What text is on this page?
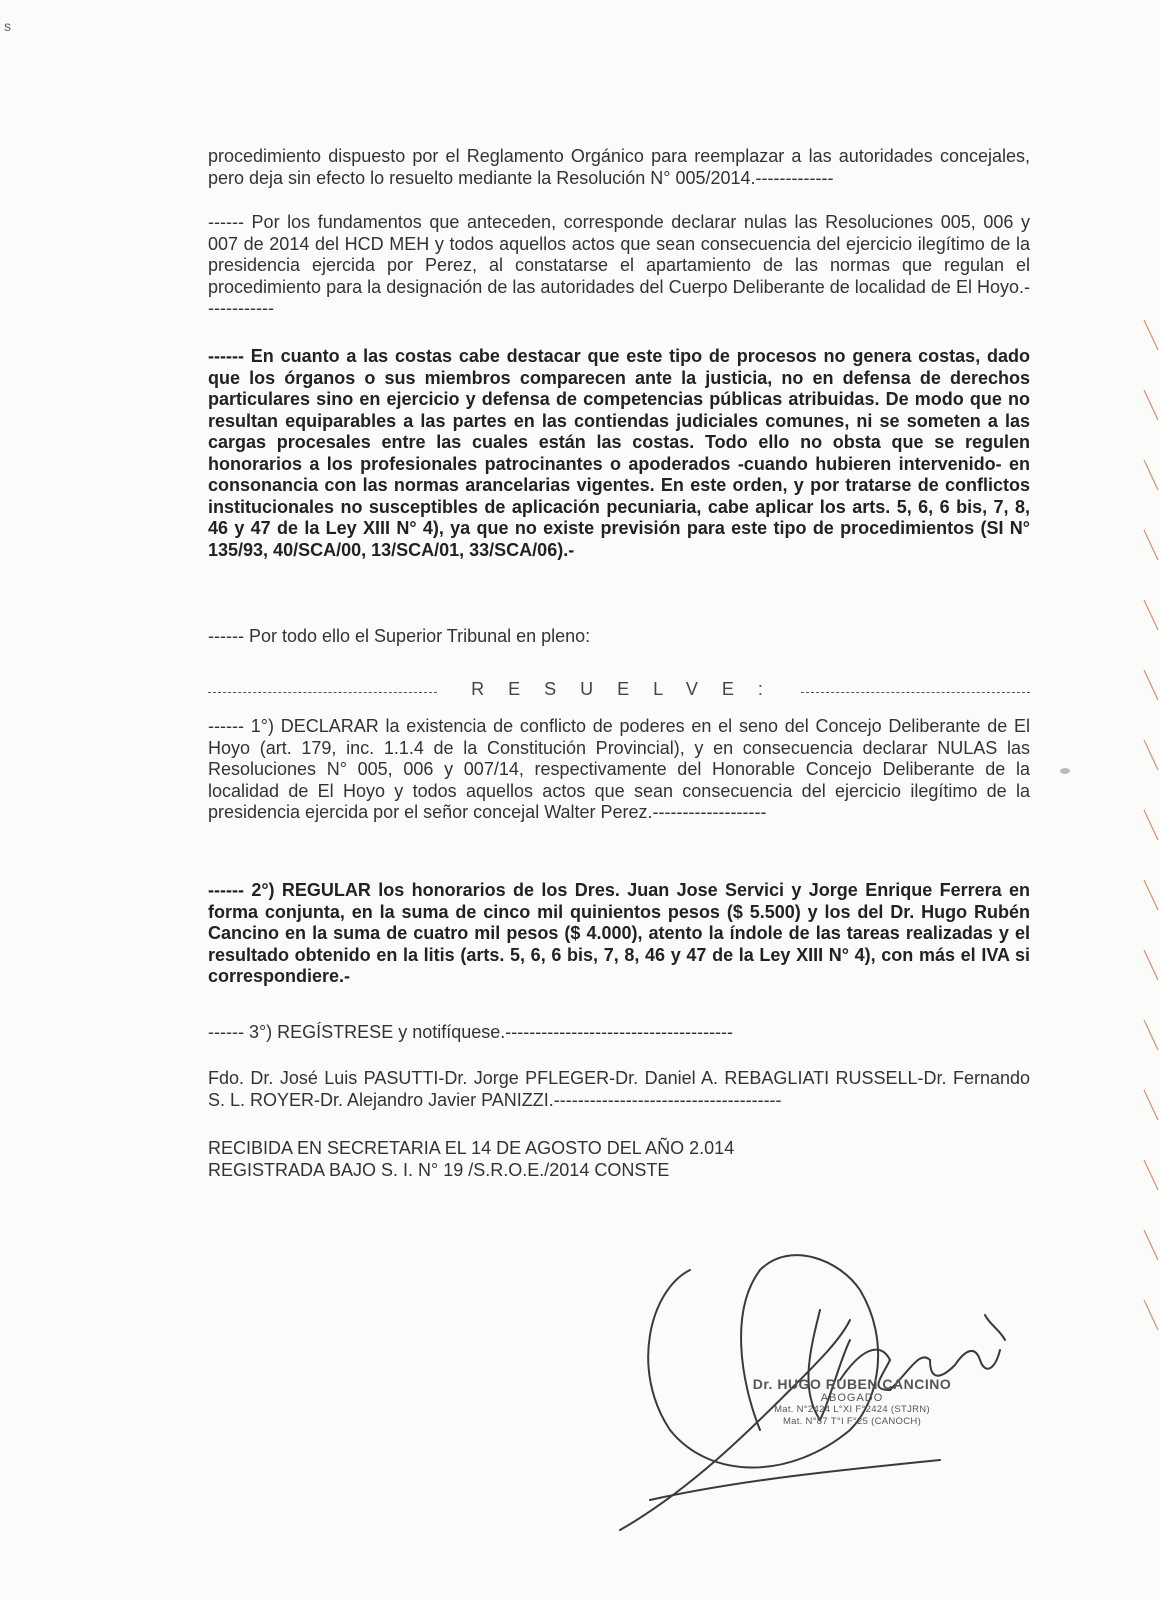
s

procedimiento dispuesto por el Reglamento Orgánico para reemplazar a las autoridades concejales, pero deja sin efecto lo resuelto mediante la Resolución N° 005/2014.-------------

------ Por los fundamentos que anteceden, corresponde declarar nulas las Resoluciones 005, 006 y 007 de 2014 del HCD MEH y todos aquellos actos que sean consecuencia del ejercicio ilegítimo de la presidencia ejercida por Perez, al constatarse el apartamiento de las normas que regulan el procedimiento para la designación de las autoridades del Cuerpo Deliberante de localidad de El Hoyo.------------

------ En cuanto a las costas cabe destacar que este tipo de procesos no genera costas, dado que los órganos o sus miembros comparecen ante la justicia, no en defensa de derechos particulares sino en ejercicio y defensa de competencias públicas atribuidas. De modo que no resultan equiparables a las partes en las contiendas judiciales comunes, ni se someten a las cargas procesales entre las cuales están las costas. Todo ello no obsta que se regulen honorarios a los profesionales patrocinantes o apoderados -cuando hubieren intervenido- en consonancia con las normas arancelarias vigentes. En este orden, y por tratarse de conflictos institucionales no susceptibles de aplicación pecuniaria, cabe aplicar los arts. 5, 6, 6 bis, 7, 8, 46 y 47 de la Ley XIII N° 4), ya que no existe previsión para este tipo de procedimientos (SI N° 135/93, 40/SCA/00, 13/SCA/01, 33/SCA/06).-

------ Por todo ello el Superior Tribunal en pleno:

RESUELVE:

------ 1°) DECLARAR la existencia de conflicto de poderes en el seno del Concejo Deliberante de El Hoyo (art. 179, inc. 1.1.4 de la Constitución Provincial), y en consecuencia declarar NULAS las Resoluciones N° 005, 006 y 007/14, respectivamente del Honorable Concejo Deliberante de la localidad de El Hoyo y todos aquellos actos que sean consecuencia del ejercicio ilegítimo de la presidencia ejercida por el señor concejal Walter Perez.-------------------

------ 2°) REGULAR los honorarios de los Dres. Juan Jose Servici y Jorge Enrique Ferrera en forma conjunta, en la suma de cinco mil quinientos pesos ($ 5.500) y los del Dr. Hugo Rubén Cancino en la suma de cuatro mil pesos ($ 4.000), atento la índole de las tareas realizadas y el resultado obtenido en la litis (arts. 5, 6, 6 bis, 7, 8, 46 y 47 de la Ley XIII N° 4), con más el IVA si correspondiere.-

------ 3°) REGÍSTRESE y notifíquese.--------------------------------------

Fdo. Dr. José Luis PASUTTI-Dr. Jorge PFLEGER-Dr. Daniel A. REBAGLIATI RUSSELL-Dr. Fernando S. L. ROYER-Dr. Alejandro Javier PANIZZI.--------------------------------------

RECIBIDA EN SECRETARIA EL 14 DE AGOSTO DEL AÑO 2.014

REGISTRADA BAJO S. I. N° 19 /S.R.O.E./2014 CONSTE

Dr. HUGO RUBEN CANCINO
ABOGADO
Mat. N°2424 L°XI F°2424 (STJRN)
Mat. N°87 T°I F°25 (CANOCH)
